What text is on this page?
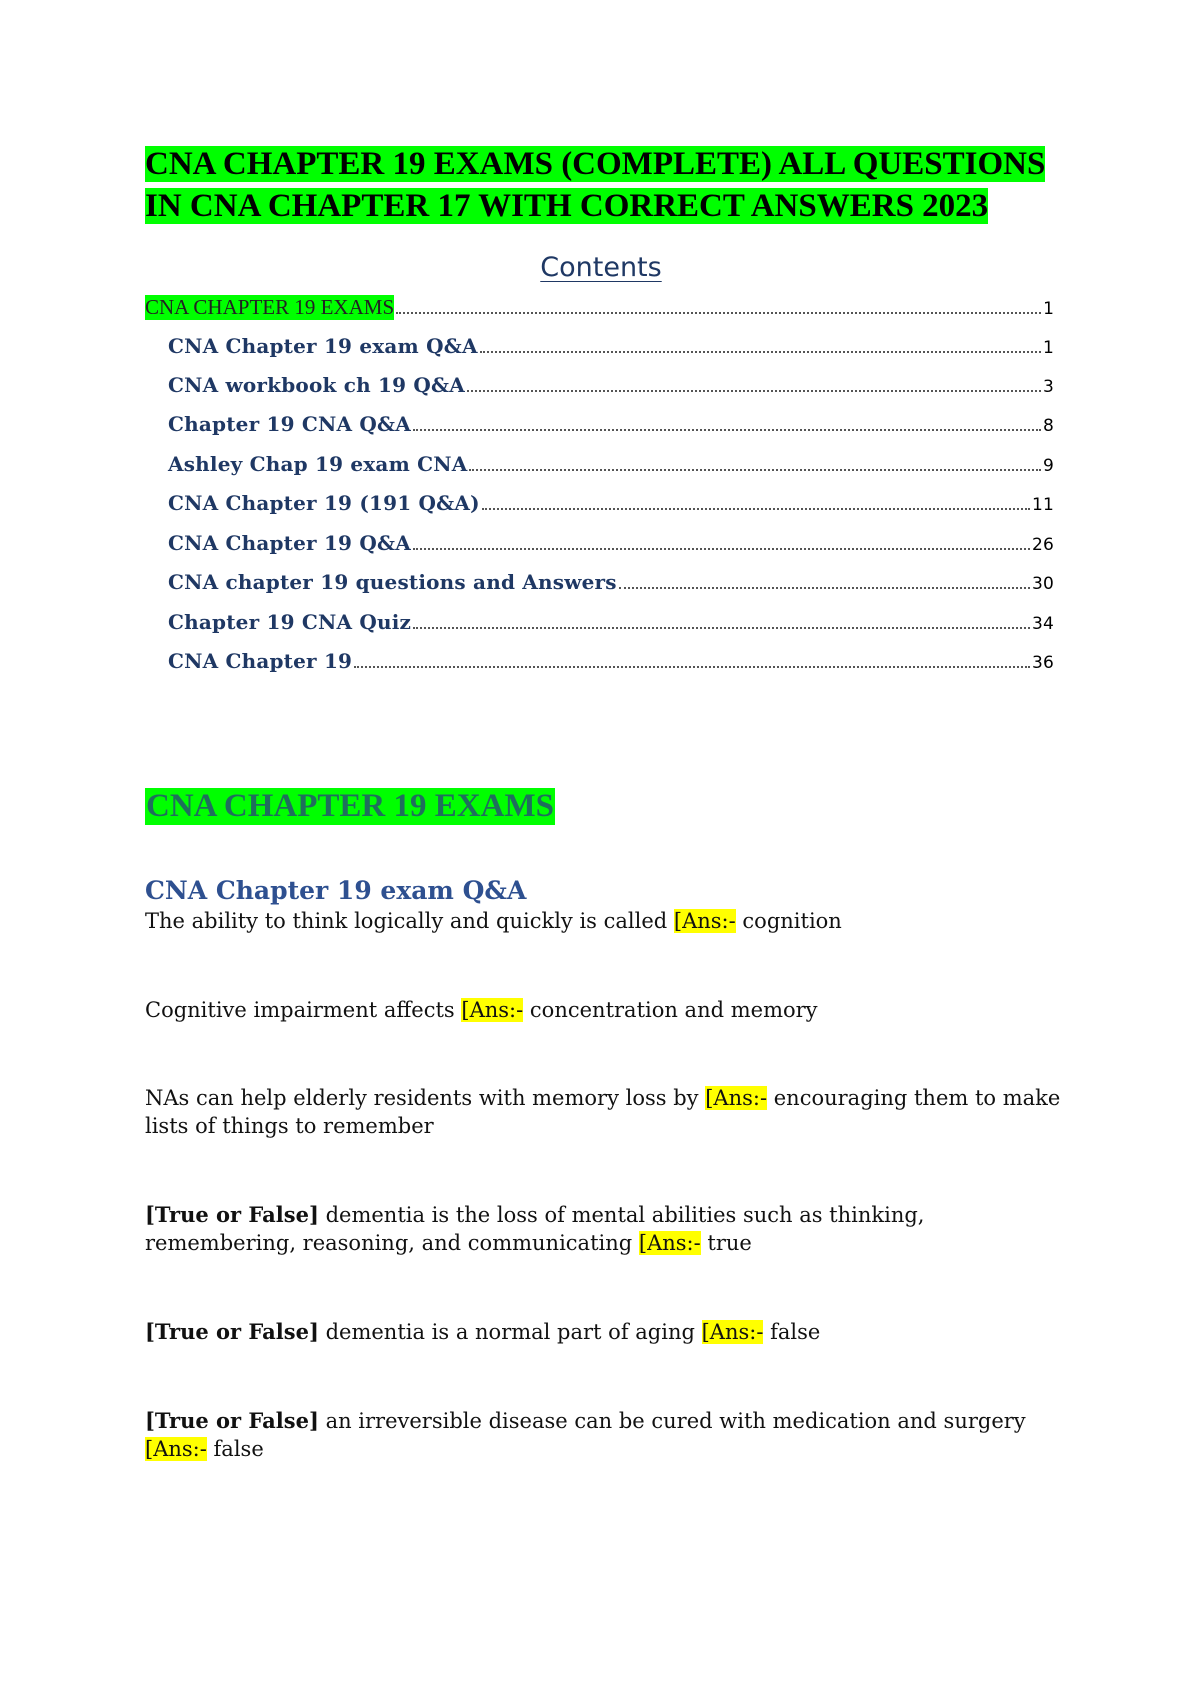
CNA CHAPTER 19 EXAMS (COMPLETE) ALL QUESTIONS IN CNA CHAPTER 17 WITH CORRECT ANSWERS 2023
Contents
CNA CHAPTER 19 EXAMS	1
CNA Chapter 19 exam Q&A	1
CNA workbook ch 19 Q&A	3
Chapter 19 CNA Q&A	8
Ashley Chap 19 exam CNA	9
CNA Chapter 19 (191 Q&A)	11
CNA Chapter 19 Q&A	26
CNA chapter 19 questions and Answers	30
Chapter 19 CNA Quiz	34
CNA Chapter 19	36
CNA CHAPTER 19 EXAMS
CNA Chapter 19 exam Q&A
The ability to think logically and quickly is called [Ans:- cognition
Cognitive impairment affects [Ans:- concentration and memory
NAs can help elderly residents with memory loss by [Ans:- encouraging them to make lists of things to remember
[True or False] dementia is the loss of mental abilities such as thinking, remembering, reasoning, and communicating [Ans:- true
[True or False] dementia is a normal part of aging [Ans:- false
[True or False] an irreversible disease can be cured with medication and surgery [Ans:- false
